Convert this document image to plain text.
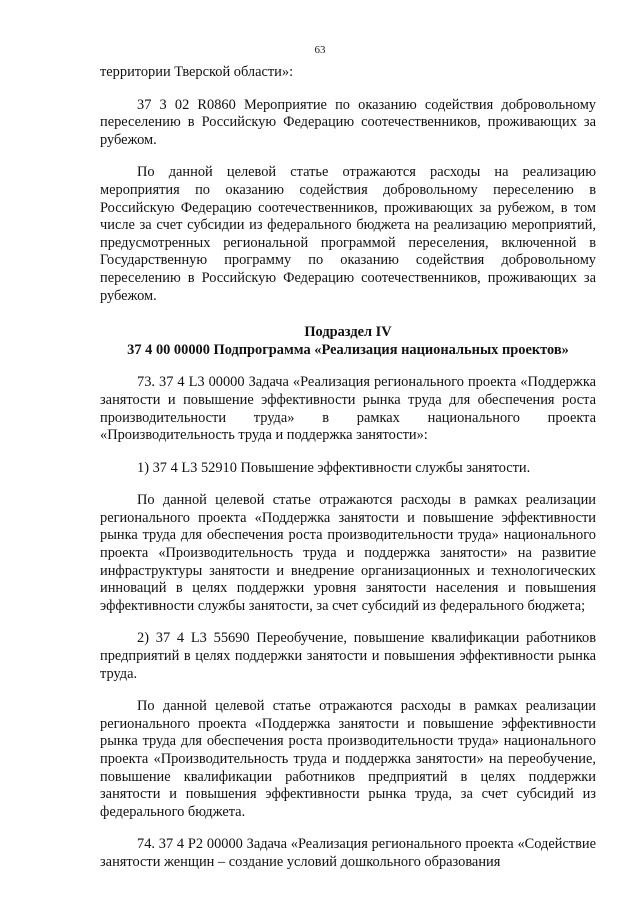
63

территории Тверской области»:

37 3 02 R0860 Мероприятие по оказанию содействия добровольному переселению в Российскую Федерацию соотечественников, проживающих за рубежом.

По данной целевой статье отражаются расходы на реализацию мероприятия по оказанию содействия добровольному переселению в Российскую Федерацию соотечественников, проживающих за рубежом, в том числе за счет субсидии из федерального бюджета на реализацию мероприятий, предусмотренных региональной программой переселения, включенной в Государственную программу по оказанию содействия добровольному переселению в Российскую Федерацию соотечественников, проживающих за рубежом.

Подраздел IV

37 4 00 00000 Подпрограмма «Реализация национальных проектов»

73. 37 4 L3 00000 Задача «Реализация регионального проекта «Поддержка занятости и повышение эффективности рынка труда для обеспечения роста производительности труда» в рамках национального проекта «Производительность труда и поддержка занятости»:

1) 37 4 L3 52910 Повышение эффективности службы занятости.

По данной целевой статье отражаются расходы в рамках реализации регионального проекта «Поддержка занятости и повышение эффективности рынка труда для обеспечения роста производительности труда» национального проекта «Производительность труда и поддержка занятости» на развитие инфраструктуры занятости и внедрение организационных и технологических инноваций в целях поддержки уровня занятости населения и повышения эффективности службы занятости, за счет субсидий из федерального бюджета;

2) 37 4 L3 55690 Переобучение, повышение квалификации работников предприятий в целях поддержки занятости и повышения эффективности рынка труда.

По данной целевой статье отражаются расходы в рамках реализации регионального проекта «Поддержка занятости и повышение эффективности рынка труда для обеспечения роста производительности труда» национального проекта «Производительность труда и поддержка занятости» на переобучение, повышение квалификации работников предприятий в целях поддержки занятости и повышения эффективности рынка труда, за счет субсидий из федерального бюджета.

74. 37 4 P2 00000 Задача «Реализация регионального проекта «Содействие занятости женщин – создание условий дошкольного образования
